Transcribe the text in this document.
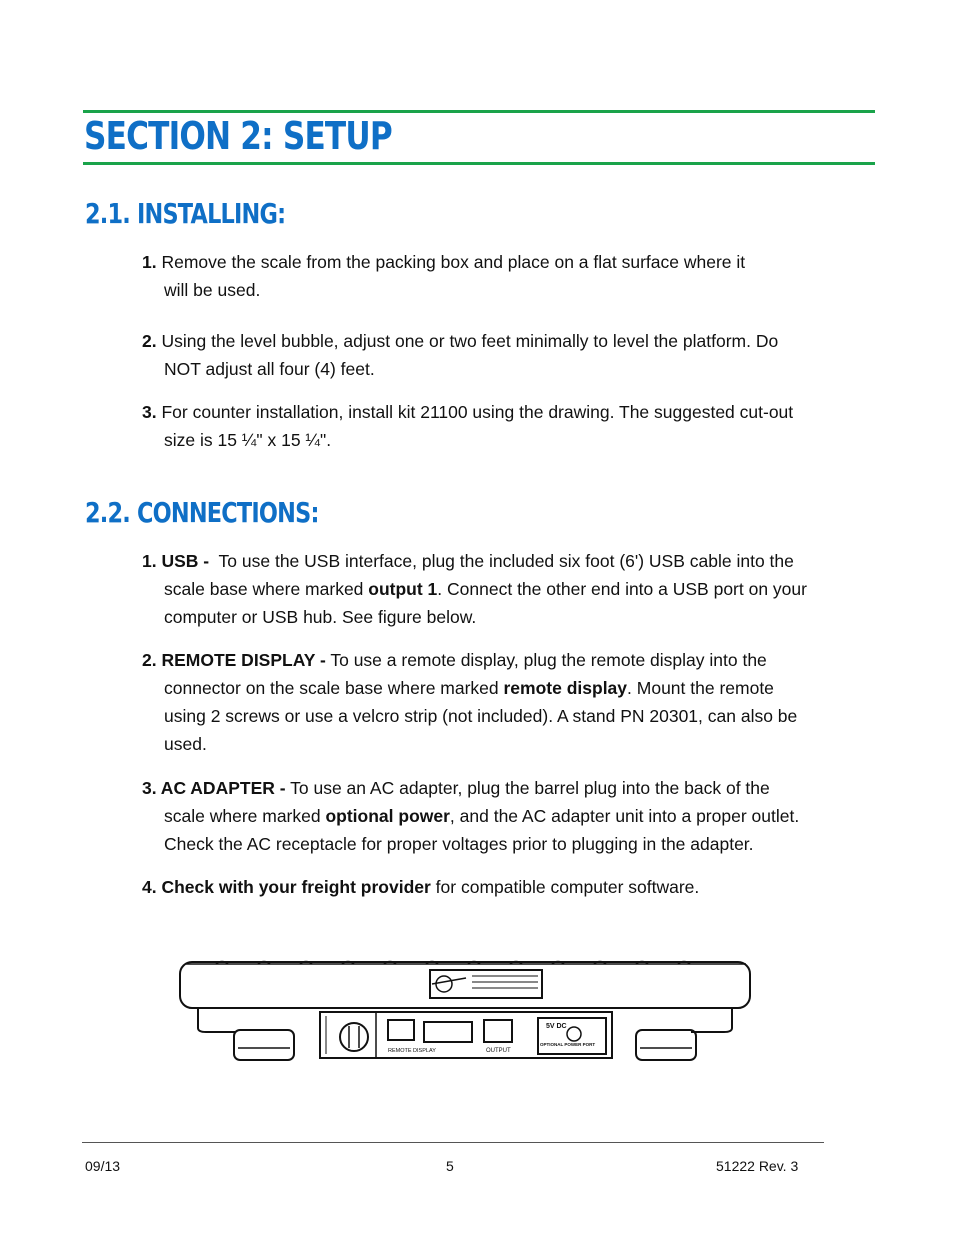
SECTION 2: SETUP
2.1. INSTALLING:
1. Remove the scale from the packing box and place on a flat surface where it
will be used.
2. Using the level bubble, adjust one or two feet minimally to level the platform. Do
NOT adjust all four (4) feet.
3. For counter installation, install kit 21100 using the drawing. The suggested cut-out
size is 15 ¼" x 15 ¼".
2.2. CONNECTIONS:
1. USB - To use the USB interface, plug the included six foot (6') USB cable into the
scale base where marked output 1. Connect the other end into a USB port on your
computer or USB hub. See figure below.
2. REMOTE DISPLAY - To use a remote display, plug the remote display into the
connector on the scale base where marked remote display. Mount the remote
using 2 screws or use a velcro strip (not included). A stand PN 20301, can also be
used.
3. AC ADAPTER - To use an AC adapter, plug the barrel plug into the back of the
scale where marked optional power, and the AC adapter unit into a proper outlet.
Check the AC receptacle for proper voltages prior to plugging in the adapter.
4. Check with your freight provider for compatible computer software.
REMOTE DISPLAY	OUTPUT
5V DC
OPTIONAL POWER PORT
09/13	5	51222 Rev. 3
